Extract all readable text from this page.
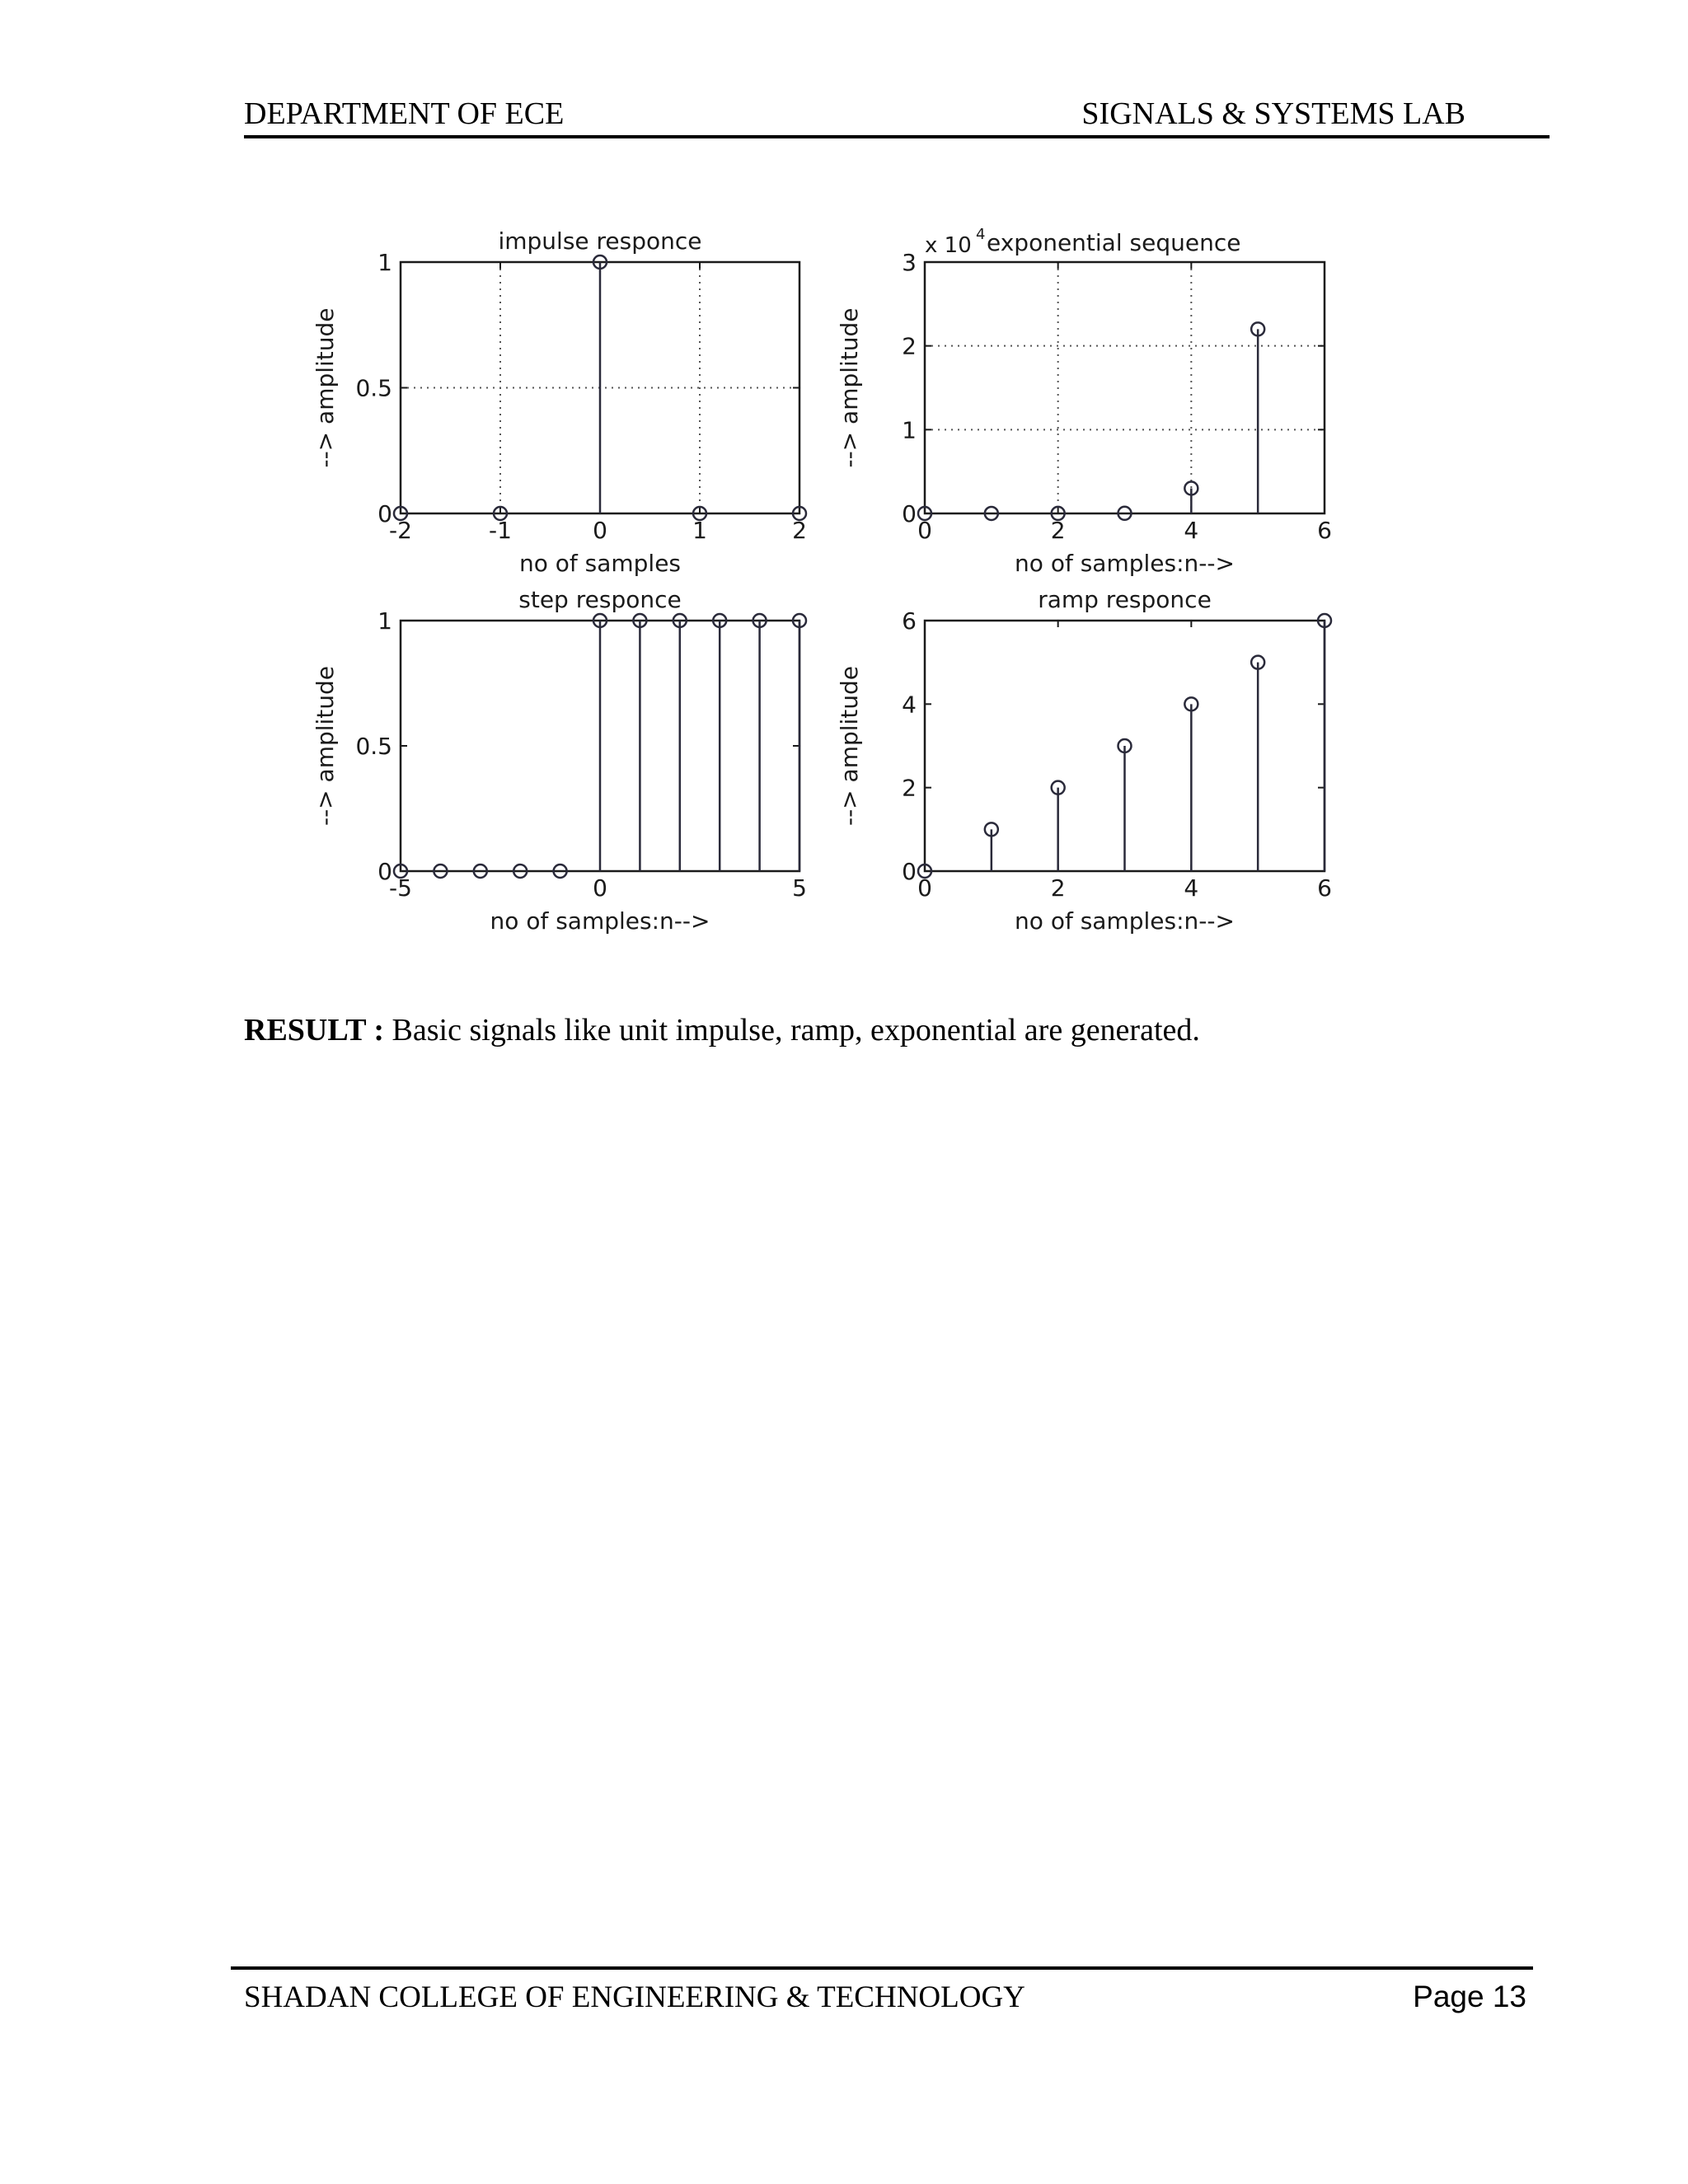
DEPARTMENT OF ECE	SIGNALS & SYSTEMS LAB
-2	-1	0	1	2
0
0.5
1
impulse responce
no of samples
--> amplitude
0	2	4	6
0
1
2
3
x 10 4 exponential sequence
no of samples:n-->
--> amplitude
-5	0	5
0
0.5
1
step responce
no of samples:n-->
--> amplitude
0	2	4	6
0
2
4
6
ramp responce
no of samples:n-->
--> amplitude
RESULT : Basic signals like unit impulse, ramp, exponential are generated.
SHADAN COLLEGE OF ENGINEERING & TECHNOLOGY	Page 13
